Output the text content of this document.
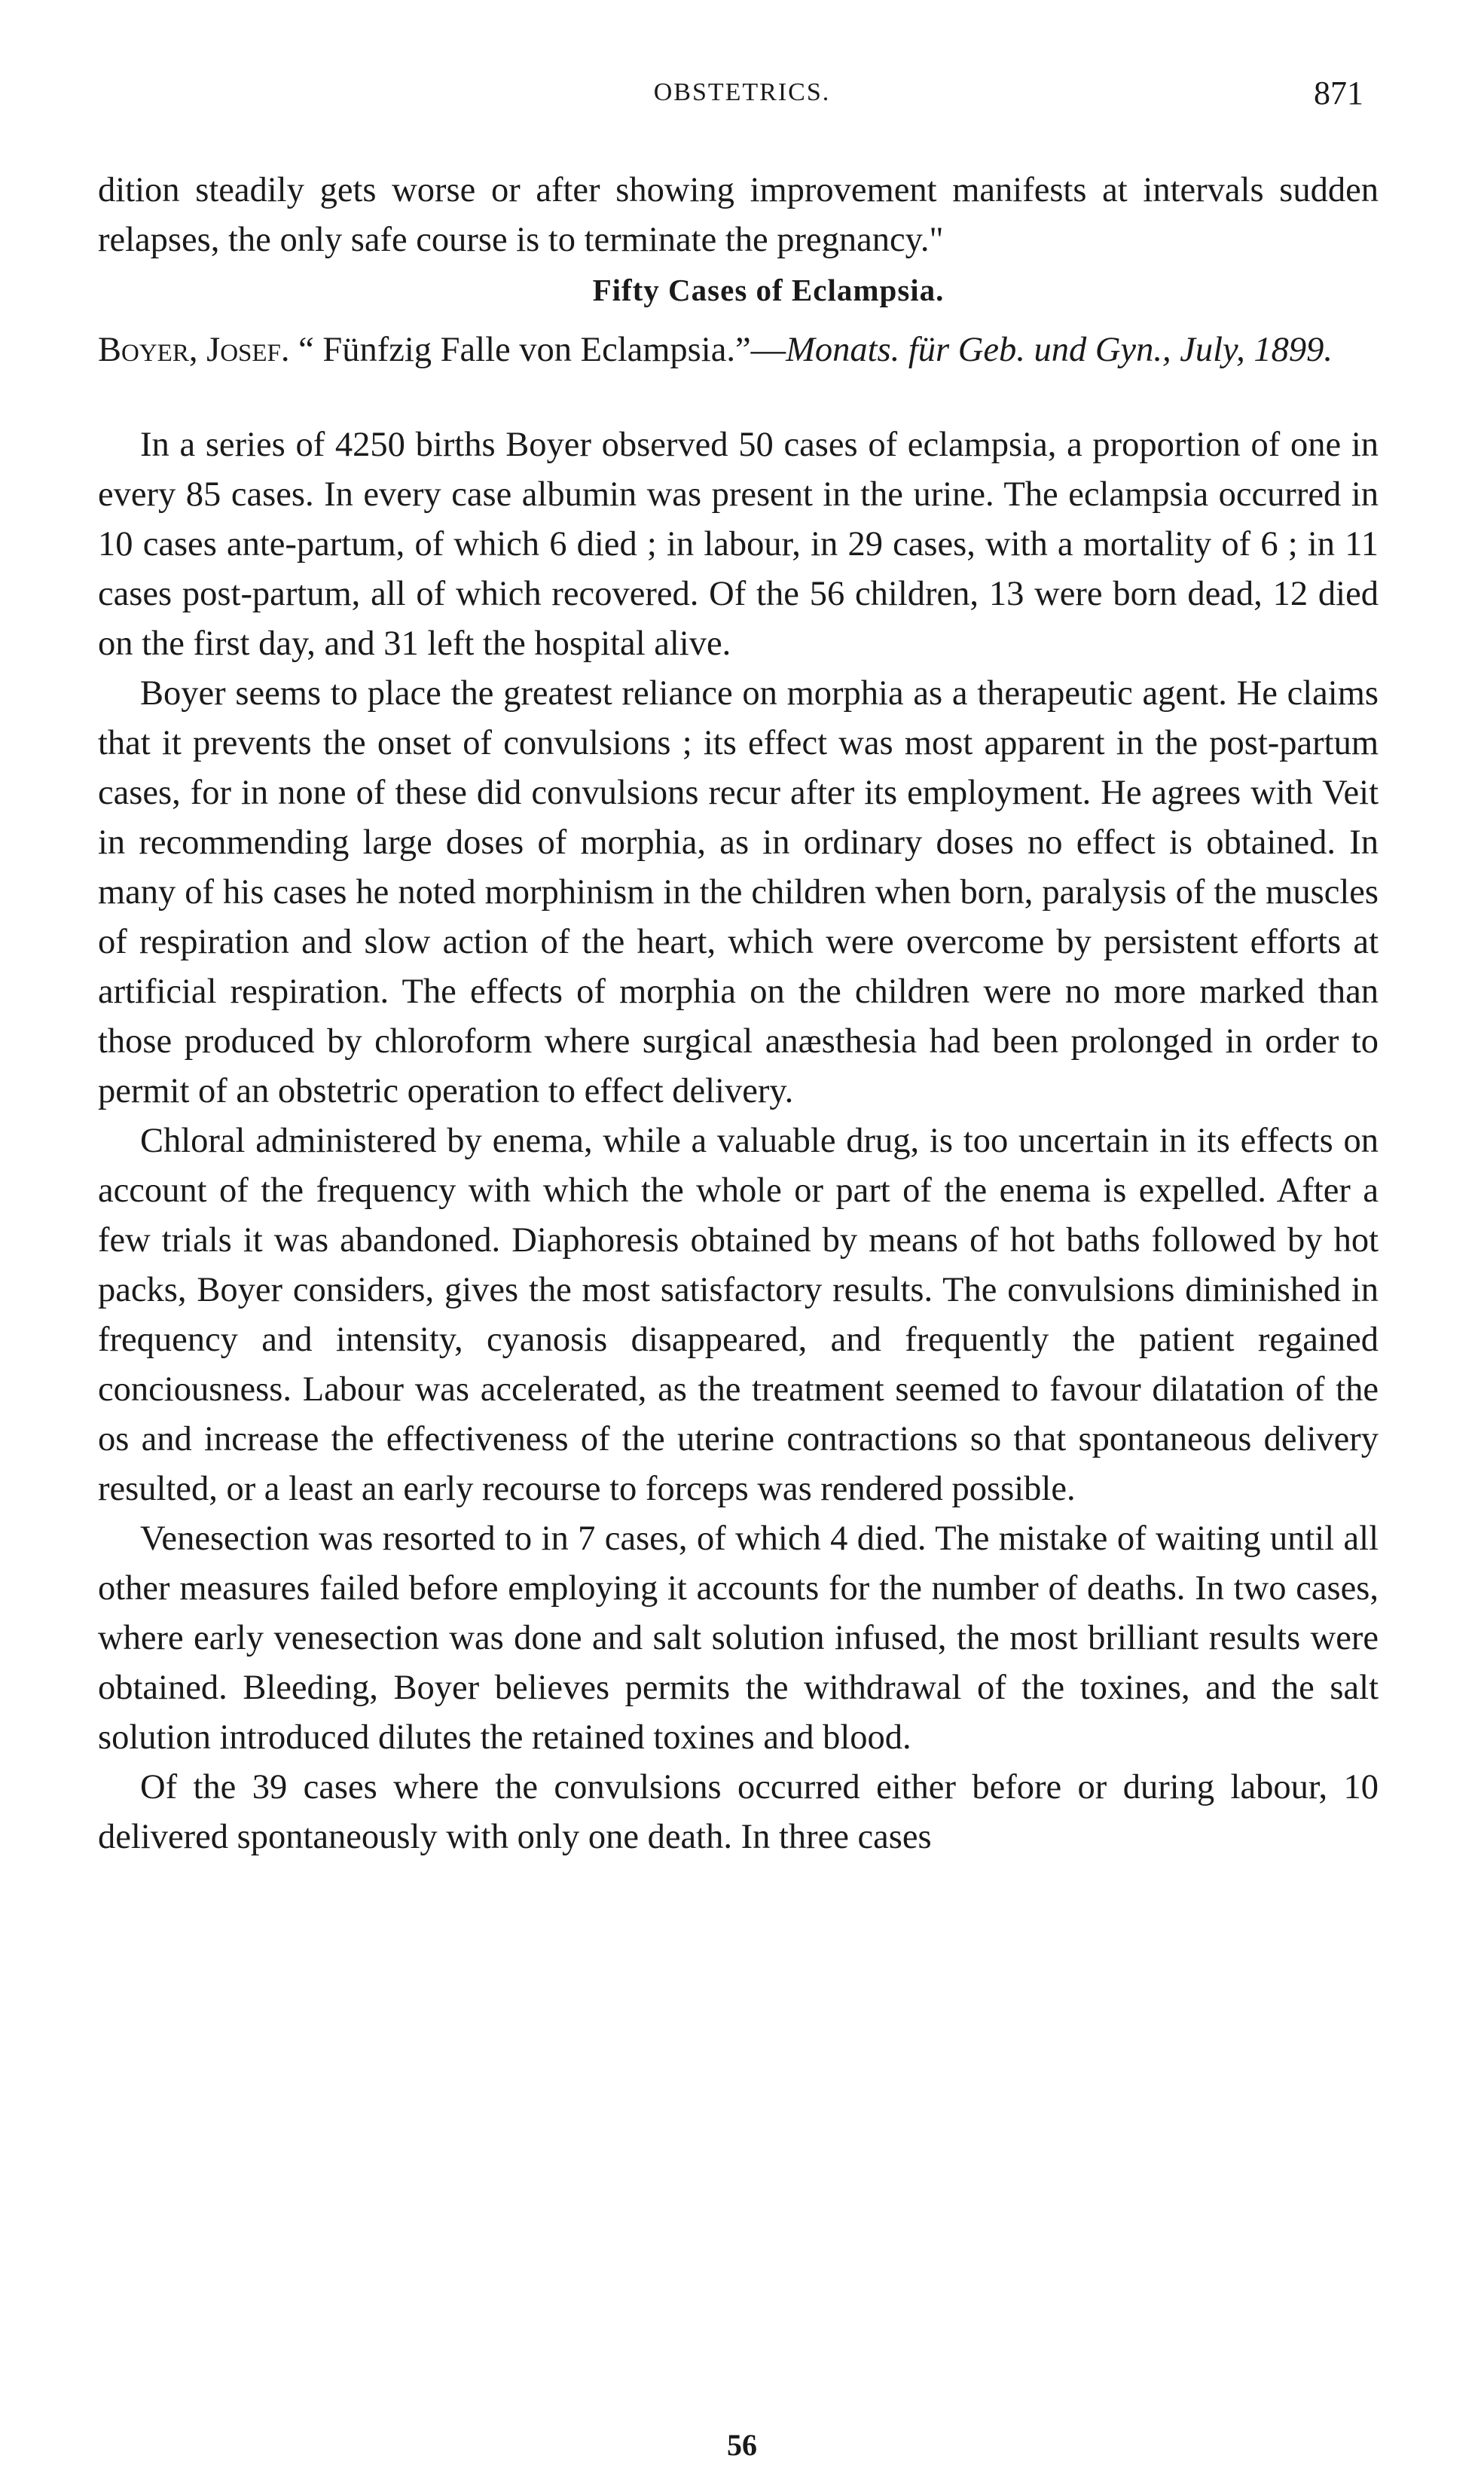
OBSTETRICS.	871

dition steadily gets worse or after showing improvement manifests at intervals sudden relapses, the only safe course is to terminate the pregnancy."

Fifty Cases of Eclampsia.

Boyer, Josef. “ Fünfzig Falle von Eclampsia.”—Monats. für Geb. und Gyn., July, 1899.

In a series of 4250 births Boyer observed 50 cases of eclampsia, a proportion of one in every 85 cases. In every case albumin was present in the urine. The eclampsia occurred in 10 cases ante-partum, of which 6 died ; in labour, in 29 cases, with a mortality of 6 ; in 11 cases post-partum, all of which recovered. Of the 56 children, 13 were born dead, 12 died on the first day, and 31 left the hospital alive.

Boyer seems to place the greatest reliance on morphia as a therapeutic agent. He claims that it prevents the onset of convulsions ; its effect was most apparent in the post-partum cases, for in none of these did convulsions recur after its employment. He agrees with Veit in recommending large doses of morphia, as in ordinary doses no effect is obtained. In many of his cases he noted morphinism in the children when born, paralysis of the muscles of respiration and slow action of the heart, which were overcome by persistent efforts at artificial respiration. The effects of morphia on the children were no more marked than those produced by chloroform where surgical anæsthesia had been prolonged in order to permit of an obstetric operation to effect delivery.

Chloral administered by enema, while a valuable drug, is too uncertain in its effects on account of the frequency with which the whole or part of the enema is expelled. After a few trials it was abandoned. Diaphoresis obtained by means of hot baths followed by hot packs, Boyer considers, gives the most satisfactory results. The convulsions diminished in frequency and intensity, cyanosis disappeared, and frequently the patient regained conciousness. Labour was accelerated, as the treatment seemed to favour dilatation of the os and increase the effectiveness of the uterine contractions so that spontaneous delivery resulted, or a least an early recourse to forceps was rendered possible.

Venesection was resorted to in 7 cases, of which 4 died. The mistake of waiting until all other measures failed before employing it accounts for the number of deaths. In two cases, where early venesection was done and salt solution infused, the most brilliant results were obtained. Bleeding, Boyer believes permits the withdrawal of the toxines, and the salt solution introduced dilutes the retained toxines and blood.

Of the 39 cases where the convulsions occurred either before or during labour, 10 delivered spontaneously with only one death. In three cases

56
